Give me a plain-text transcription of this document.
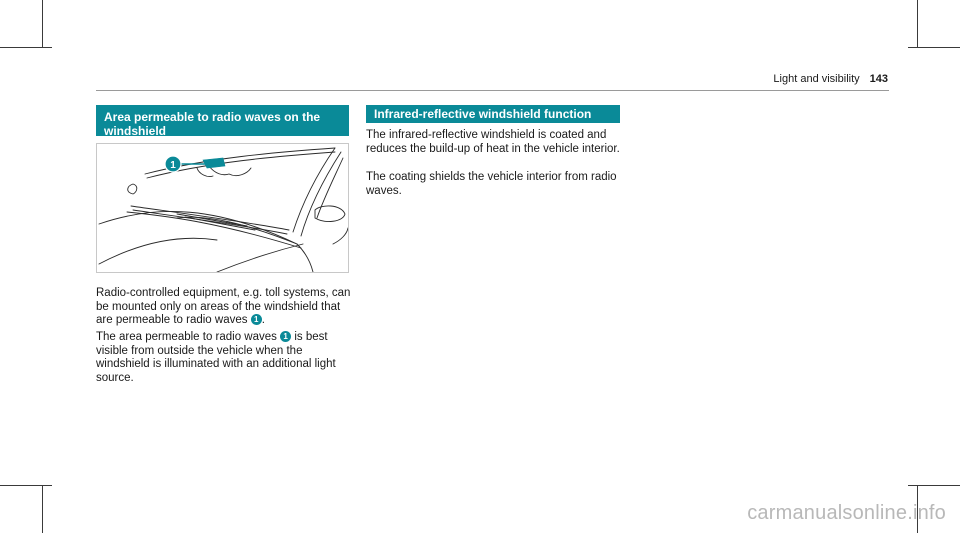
Light and visibility 143
Area permeable to radio waves on the windshield
1

Radio-controlled equipment, e.g. toll systems, can be mounted only on areas of the windshield that are permeable to radio waves 1 .

The area permeable to radio waves 1 is best visible from outside the vehicle when the windshield is illuminated with an additional light source.

Infrared-reflective windshield function

The infrared-reflective windshield is coated and reduces the build-up of heat in the vehicle interior.

The coating shields the vehicle interior from radio waves.

carmanualsonline.info
